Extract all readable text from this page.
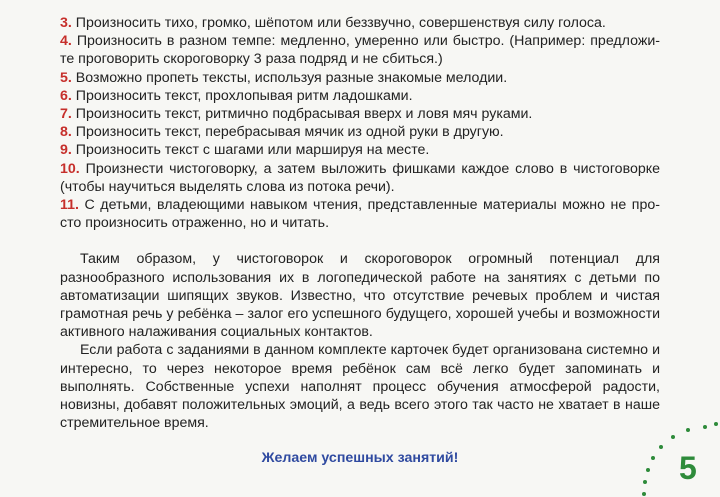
3. Произносить тихо, громко, шёпотом или беззвучно, совершенствуя силу голоса.

4. Произносить в разном темпе: медленно, умеренно или быстро. (Например: предложи- те проговорить скороговорку 3 раза подряд и не сбиться.)

5. Возможно пропеть тексты, используя разные знакомые мелодии.

6. Произносить текст, прохлопывая ритм ладошками.

7. Произносить текст, ритмично подбрасывая вверх и ловя мяч руками.

8. Произносить текст, перебрасывая мячик из одной руки в другую.

9. Произносить текст с шагами или маршируя на месте.

10. Произнести чистоговорку, а затем выложить фишками каждое слово в чистоговорке (чтобы научиться выделять слова из потока речи).

11. С детьми, владеющими навыком чтения, представленные материалы можно не про- сто произносить отраженно, но и читать.

Таким образом, у чистоговорок и скороговорок огромный потенциал для разнообразного использования их в логопедической работе на занятиях с детьми по автоматизации шипящих звуков. Известно, что отсутствие речевых проблем и чистая грамотная речь у ребёнка – залог его успешного будущего, хорошей учебы и возможности активного налаживания социальных контактов.

Если работа с заданиями в данном комплекте карточек будет организована системно и интересно, то через некоторое время ребёнок сам всё легко будет запоминать и выполнять. Собственные успехи наполнят процесс обучения атмосферой радости, новизны, добавят положительных эмоций, а ведь всего этого так часто не хватает в наше стремительное время.

Желаем успешных занятий!	5
